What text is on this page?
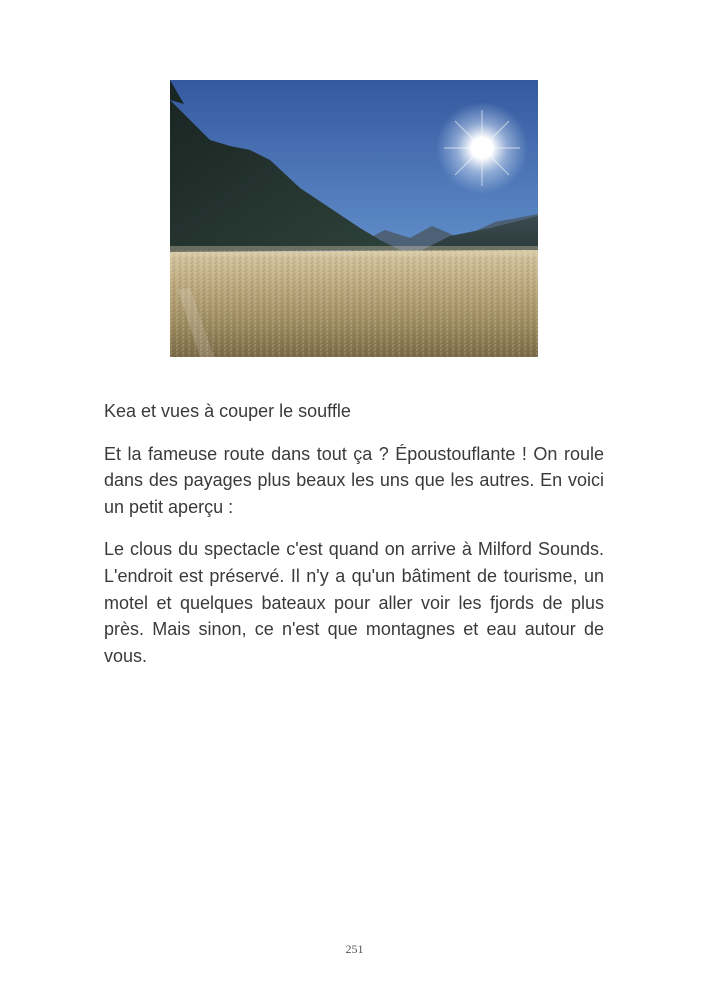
Kea et vues à couper le souffle

Et la fameuse route dans tout ça ? Époustouflante ! On roule dans des payages plus beaux les uns que les autres. En voici un petit aperçu :

Le clous du spectacle c'est quand on arrive à Milford Sounds. L'endroit est préservé. Il n'y a qu'un bâtiment de tourisme, un motel et quelques bateaux pour aller voir les fjords de plus près. Mais sinon, ce n'est que montagnes et eau autour de vous.

251
